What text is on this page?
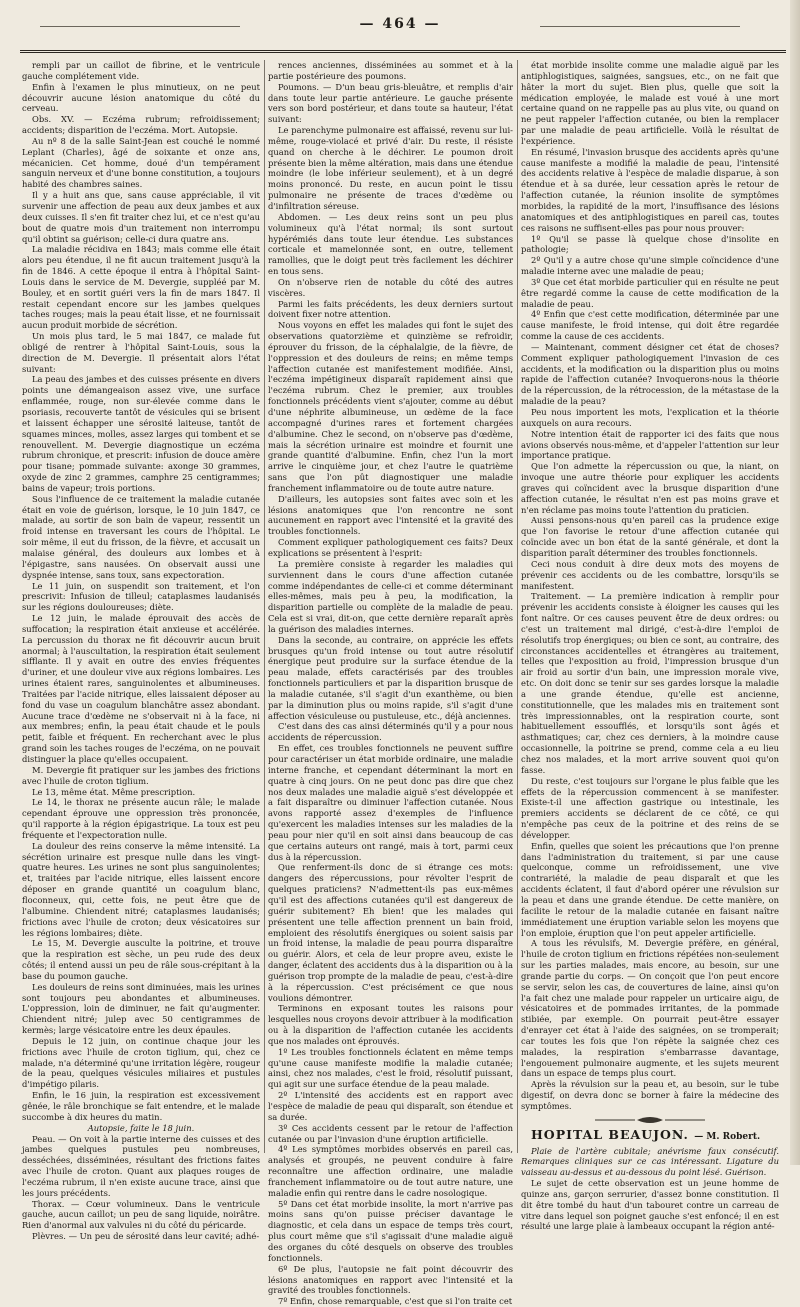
— 464 —

rempli par un caillot de fibrine, et le ventricule gauche complétement vide.

Enfin à l'examen le plus minutieux, on ne peut découvrir aucune lésion anatomique du côté du cerveau.

Obs. XV. — Eczéma rubrum; refroidissement; accidents; disparition de l'eczéma. Mort. Autopsie.

Au nº 8 de la salle Saint-Jean est couché le nommé Leplant (Charles), âgé de soixante et onze ans, mécanicien. Cet homme, doué d'un tempérament sanguin nerveux et d'une bonne constitution, a toujours habité des chambres saines.

Il y a huit ans que, sans cause appréciable, il vit survenir une affection de peau aux deux jambes et aux deux cuisses. Il s'en fit traiter chez lui, et ce n'est qu'au bout de quatre mois d'un traitement non interrompu qu'il obtint sa guérison; celle-ci dura quatre ans.

La maladie récidiva en 1843; mais comme elle était alors peu étendue, il ne fit aucun traitement jusqu'à la fin de 1846. A cette époque il entra à l'hôpital Saint-Louis dans le service de M. Devergie, suppléé par M. Bouley, et en sortit guéri vers la fin de mars 1847. Il restait cependant encore sur les jambes quelques taches rouges; mais la peau était lisse, et ne fournissait aucun produit morbide de sécrétion.

Un mois plus tard, le 5 mai 1847, ce malade fut obligé de rentrer à l'hôpital Saint-Louis, sous la direction de M. Devergie. Il présentait alors l'état suivant:

La peau des jambes et des cuisses présente en divers points une démangeaison assez vive, une surface enflammée, rouge, non sur-élevée comme dans le psoriasis, recouverte tantôt de vésicules qui se brisent et laissent échapper une sérosité laiteuse, tantôt de squames minces, molles, assez larges qui tombent et se renouvellent. M. Devergie diagnostique un eczéma rubrum chronique, et prescrit: infusion de douce amère pour tisane; pommade suivante: axonge 30 grammes, oxyde de zinc 2 grammes, camphre 25 centigrammes; bains de vapeur; trois portions.

Sous l'influence de ce traitement la maladie cutanée était en voie de guérison, lorsque, le 10 juin 1847, ce malade, au sortir de son bain de vapeur, ressentit un froid intense en traversant les cours de l'hôpital. Le soir même, il eut du frisson, de la fièvre, et accusait un malaise général, des douleurs aux lombes et à l'épigastre, sans nausées. On observait aussi une dyspnée intense, sans toux, sans expectoration.

Le 11 juin, on suspendit son traitement, et l'on prescrivit: Infusion de tilleul; cataplasmes laudanisés sur les régions douloureuses; diète.

Le 12 juin, le malade éprouvait des accès de suffocation; la respiration était anxieuse et accélérée. La percussion du thorax ne fit découvrir aucun bruit anormal; à l'auscultation, la respiration était seulement sifflante. Il y avait en outre des envies fréquentes d'uriner, et une douleur vive aux régions lombaires. Les urines étaient rares, sanguinolentes et albumineuses. Traitées par l'acide nitrique, elles laissaient déposer au fond du vase un coagulum blanchâtre assez abondant. Aucune trace d'œdème ne s'observait ni à la face, ni aux membres; enfin, la peau était chaude et le pouls petit, faible et fréquent. En recherchant avec le plus grand soin les taches rouges de l'eczéma, on ne pouvait distinguer la place qu'elles occupaient.

M. Devergie fit pratiquer sur les jambes des frictions avec l'huile de croton tiglium.

Le 13, même état. Même prescription.

Le 14, le thorax ne présente aucun râle; le malade cependant éprouve une oppression très prononcée, qu'il rapporte à la région épigastrique. La toux est peu fréquente et l'expectoration nulle.

La douleur des reins conserve la même intensité. La sécrétion urinaire est presque nulle dans les vingt-quatre heures. Les urines ne sont plus sanguinolentes; et, traitées par l'acide nitrique, elles laissent encore déposer en grande quantité un coagulum blanc, floconneux, qui, cette fois, ne peut être que de l'albumine. Chiendent nitré; cataplasmes laudanisés; frictions avec l'huile de croton; deux vésicatoires sur les régions lombaires; diète.

Le 15, M. Devergie ausculte la poitrine, et trouve que la respiration est sèche, un peu rude des deux côtés; il entend aussi un peu de râle sous-crépitant à la base du poumon gauche.

Les douleurs de reins sont diminuées, mais les urines sont toujours peu abondantes et albumineuses. L'oppression, loin de diminuer, ne fait qu'augmenter. Chiendent nitré; julep avec 50 centigrammes de kermès; large vésicatoire entre les deux épaules.

Depuis le 12 juin, on continue chaque jour les frictions avec l'huile de croton tiglium, qui, chez ce malade, n'a déterminé qu'une irritation légère, rougeur de la peau, quelques vésicules miliaires et pustules d'impétigo pilaris.

Enfin, le 16 juin, la respiration est excessivement gênée, le râle bronchique se fait entendre, et le malade succombe à dix heures du matin.

Autopsie, faite le 18 juin.

Peau. — On voit à la partie interne des cuisses et des jambes quelques pustules peu nombreuses, desséchées, disséminées, résultant des frictions faites avec l'huile de croton. Quant aux plaques rouges de l'eczéma rubrum, il n'en existe aucune trace, ainsi que les jours précédents.

Thorax. — Cœur volumineux. Dans le ventricule gauche, aucun caillot; un peu de sang liquide, noirâtre. Rien d'anormal aux valvules ni du côté du péricarde.

Plèvres. — Un peu de sérosité dans leur cavité; adhé-

rences anciennes, disséminées au sommet et à la partie postérieure des poumons.

Poumons. — D'un beau gris-bleuâtre, et remplis d'air dans toute leur partie antérieure. Le gauche présente vers son bord postérieur, et dans toute sa hauteur, l'état suivant:

Le parenchyme pulmonaire est affaissé, revenu sur lui-même, rouge-violacé et privé d'air. Du reste, il résiste quand on cherche à le déchirer. Le poumon droit présente bien la même altération, mais dans une étendue moindre (le lobe inférieur seulement), et à un degré moins prononcé. Du reste, en aucun point le tissu pulmonaire ne présente de traces d'œdème ou d'infiltration séreuse.

Abdomen. — Les deux reins sont un peu plus volumineux qu'à l'état normal; ils sont surtout hypérémiés dans toute leur étendue. Les substances corticale et mamelonnée sont, en outre, tellement ramollies, que le doigt peut très facilement les déchirer en tous sens.

On n'observe rien de notable du côté des autres viscères.

Parmi les faits précédents, les deux derniers surtout doivent fixer notre attention.

Nous voyons en effet les malades qui font le sujet des observations quatorzième et quinzième se refroidir, éprouver du frisson, de la céphalalgie, de la fièvre, de l'oppression et des douleurs de reins; en même temps l'affection cutanée est manifestement modifiée. Ainsi, l'eczéma impétigineux disparaît rapidement ainsi que l'eczéma rubrum. Chez le premier, aux troubles fonctionnels précédents vient s'ajouter, comme au début d'une néphrite albumineuse, un œdème de la face accompagné d'urines rares et fortement chargées d'albumine. Chez le second, on n'observe pas d'œdème, mais la sécrétion urinaire est moindre et fournit une grande quantité d'albumine. Enfin, chez l'un la mort arrive le cinquième jour, et chez l'autre le quatrième sans que l'on pût diagnostiquer une maladie franchement inflammatoire ou de toute autre nature.

D'ailleurs, les autopsies sont faites avec soin et les lésions anatomiques que l'on rencontre ne sont aucunement en rapport avec l'intensité et la gravité des troubles fonctionnels.

Comment expliquer pathologiquement ces faits? Deux explications se présentent à l'esprit:

La première consiste à regarder les maladies qui surviennent dans le cours d'une affection cutanée comme indépendantes de celle-ci et comme déterminant elles-mêmes, mais peu à peu, la modification, la disparition partielle ou complète de la maladie de peau. Cela est si vrai, dit-on, que cette dernière reparaît après la guérison des maladies internes.

Dans la seconde, au contraire, on apprécie les effets brusques qu'un froid intense ou tout autre résolutif énergique peut produire sur la surface étendue de la peau malade, effets caractérisés par des troubles fonctionnels particuliers et par la disparition brusque de la maladie cutanée, s'il s'agit d'un exanthème, ou bien par la diminution plus ou moins rapide, s'il s'agit d'une affection vésiculeuse ou pustuleuse, etc., déjà anciennes.

C'est dans des cas ainsi déterminés qu'il y a pour nous accidents de répercussion.

En effet, ces troubles fonctionnels ne peuvent suffire pour caractériser un état morbide ordinaire, une maladie interne franche, et cependant déterminant la mort en quatre à cinq jours. On ne peut donc pas dire que chez nos deux malades une maladie aiguë s'est développée et a fait disparaître ou diminuer l'affection cutanée. Nous avons rapporté assez d'exemples de l'influence qu'exercent les maladies intenses sur les maladies de la peau pour nier qu'il en soit ainsi dans beaucoup de cas que certains auteurs ont rangé, mais à tort, parmi ceux dus à la répercussion.

Que renferment-ils donc de si étrange ces mots: dangers des répercussions, pour révolter l'esprit de quelques praticiens? N'admettent-ils pas eux-mêmes qu'il est des affections cutanées qu'il est dangereux de guérir subitement? Eh bien! que les malades qui présentent une telle affection prennent un bain froid, emploient des résolutifs énergiques ou soient saisis par un froid intense, la maladie de peau pourra disparaître ou guérir. Alors, et cela de leur propre aveu, existe le danger, éclatent des accidents dus à la disparition ou à la guérison trop prompte de la maladie de peau, c'est-à-dire à la répercussion. C'est précisément ce que nous voulions démontrer.

Terminons en exposant toutes les raisons pour lesquelles nous croyons devoir attribuer à la modification ou à la disparition de l'affection cutanée les accidents que nos malades ont éprouvés.

1º Les troubles fonctionnels éclatent en même temps qu'une cause manifeste modifie la maladie cutanée; ainsi, chez nos malades, c'est le froid, résolutif puissant, qui agit sur une surface étendue de la peau malade.

2º L'intensité des accidents est en rapport avec l'espèce de maladie de peau qui disparaît, son étendue et sa durée.

3º Ces accidents cessent par le retour de l'affection cutanée ou par l'invasion d'une éruption artificielle.

4º Les symptômes morbides observés en pareil cas, analysés et groupés, ne peuvent conduire à faire reconnaître une affection ordinaire, une maladie franchement inflammatoire ou de tout autre nature, une maladie enfin qui rentre dans le cadre nosologique.

5º Dans cet état morbide insolite, la mort n'arrive pas moins sans qu'on puisse préciser davantage le diagnostic, et cela dans un espace de temps très court, plus court même que s'il s'agissait d'une maladie aiguë des organes du côté desquels on observe des troubles fonctionnels.

6º De plus, l'autopsie ne fait point découvrir des lésions anatomiques en rapport avec l'intensité et la gravité des troubles fonctionnels.

7º Enfin, chose remarquable, c'est que si l'on traite cet

état morbide insolite comme une maladie aiguë par les antiphlogistiques, saignées, sangsues, etc., on ne fait que hâter la mort du sujet. Bien plus, quelle que soit la médication employée, le malade est voué à une mort certaine quand on ne rappelle pas au plus vite, ou quand on ne peut rappeler l'affection cutanée, ou bien la remplacer par une maladie de peau artificielle. Voilà le résultat de l'expérience.

En résumé, l'invasion brusque des accidents après qu'une cause manifeste a modifié la maladie de peau, l'intensité des accidents relative à l'espèce de maladie disparue, à son étendue et à sa durée, leur cessation après le retour de l'affection cutanée, la réunion insolite de symptômes morbides, la rapidité de la mort, l'insuffisance des lésions anatomiques et des antiphlogistiques en pareil cas, toutes ces raisons ne suffisent-elles pas pour nous prouver:

1º Qu'il se passe là quelque chose d'insolite en pathologie;

2º Qu'il y a autre chose qu'une simple coïncidence d'une maladie interne avec une maladie de peau;

3º Que cet état morbide particulier qui en résulte ne peut être regardé comme la cause de cette modification de la maladie de peau.

4º Enfin que c'est cette modification, déterminée par une cause manifeste, le froid intense, qui doit être regardée comme la cause de ces accidents.

— Maintenant, comment désigner cet état de choses? Comment expliquer pathologiquement l'invasion de ces accidents, et la modification ou la disparition plus ou moins rapide de l'affection cutanée? Invoquerons-nous la théorie de la répercussion, de la rétrocession, de la métastase de la maladie de la peau?

Peu nous importent les mots, l'explication et la théorie auxquels on aura recours.

Notre intention était de rapporter ici des faits que nous avions observés nous-même, et d'appeler l'attention sur leur importance pratique.

Que l'on admette la répercussion ou que, la niant, on invoque une autre théorie pour expliquer les accidents graves qui coïncident avec la brusque disparition d'une affection cutanée, le résultat n'en est pas moins grave et n'en réclame pas moins toute l'attention du praticien.

Aussi pensons-nous qu'en pareil cas la prudence exige que l'on favorise le retour d'une affection cutanée qui coïncide avec un bon état de la santé générale, et dont la disparition paraît déterminer des troubles fonctionnels.

Ceci nous conduit à dire deux mots des moyens de prévenir ces accidents ou de les combattre, lorsqu'ils se manifestent.

Traitement. — La première indication à remplir pour prévenir les accidents consiste à éloigner les causes qui les font naître. Or ces causes peuvent être de deux ordres: ou c'est un traitement mal dirigé, c'est-à-dire l'emploi de résolutifs trop énergiques; ou bien ce sont, au contraire, des circonstances accidentelles et étrangères au traitement, telles que l'exposition au froid, l'impression brusque d'un air froid au sortir d'un bain, une impression morale vive, etc. On doit donc se tenir sur ses gardes lorsque la maladie a une grande étendue, qu'elle est ancienne, constitutionnelle, que les malades mis en traitement sont très impressionnables, ont la respiration courte, sont habituellement essoufflés, et lorsqu'ils sont âgés et asthmatiques; car, chez ces derniers, à la moindre cause occasionnelle, la poitrine se prend, comme cela a eu lieu chez nos malades, et la mort arrive souvent quoi qu'on fasse.

Du reste, c'est toujours sur l'organe le plus faible que les effets de la répercussion commencent à se manifester. Existe-t-il une affection gastrique ou intestinale, les premiers accidents se déclarent de ce côté, ce qui n'empêche pas ceux de la poitrine et des reins de se développer.

Enfin, quelles que soient les précautions que l'on prenne dans l'administration du traitement, si par une cause quelconque, comme un refroidissement, une vive contrariété, la maladie de peau disparaît et que les accidents éclatent, il faut d'abord opérer une révulsion sur la peau et dans une grande étendue. De cette manière, on facilite le retour de la maladie cutanée en faisant naître immédiatement une éruption variable selon les moyens que l'on emploie, éruption que l'on peut appeler artificielle.

A tous les révulsifs, M. Devergie préfère, en général, l'huile de croton tiglium en frictions répétées non-seulement sur les parties malades, mais encore, au besoin, sur une grande partie du corps. — On conçoit que l'on peut encore se servir, selon les cas, de couvertures de laine, ainsi qu'on l'a fait chez une malade pour rappeler un urticaire aigu, de vésicatoires et de pommades irritantes, de la pommade stibiée, par exemple. On pourrait peut-être essayer d'enrayer cet état à l'aide des saignées, on se tromperait; car toutes les fois que l'on répète la saignée chez ces malades, la respiration s'embarrasse davantage, l'engouement pulmonaire augmente, et les sujets meurent dans un espace de temps plus court.

Après la révulsion sur la peau et, au besoin, sur le tube digestif, on devra donc se borner à faire la médecine des symptômes.

HOPITAL BEAUJON. — M. Robert.

Plaie de l'artère cubitale; anévrisme faux consécutif. Remarques cliniques sur ce cas intéressant. Ligature du vaisseau au-dessus et au-dessous du point lésé. Guérison.

Le sujet de cette observation est un jeune homme de quinze ans, garçon serrurier, d'assez bonne constitution. Il dit être tombé du haut d'un tabouret contre un carreau de vitre dans lequel son poignet gauche s'est enfoncé; il en est résulté une large plaie à lambeaux occupant la région anté-
